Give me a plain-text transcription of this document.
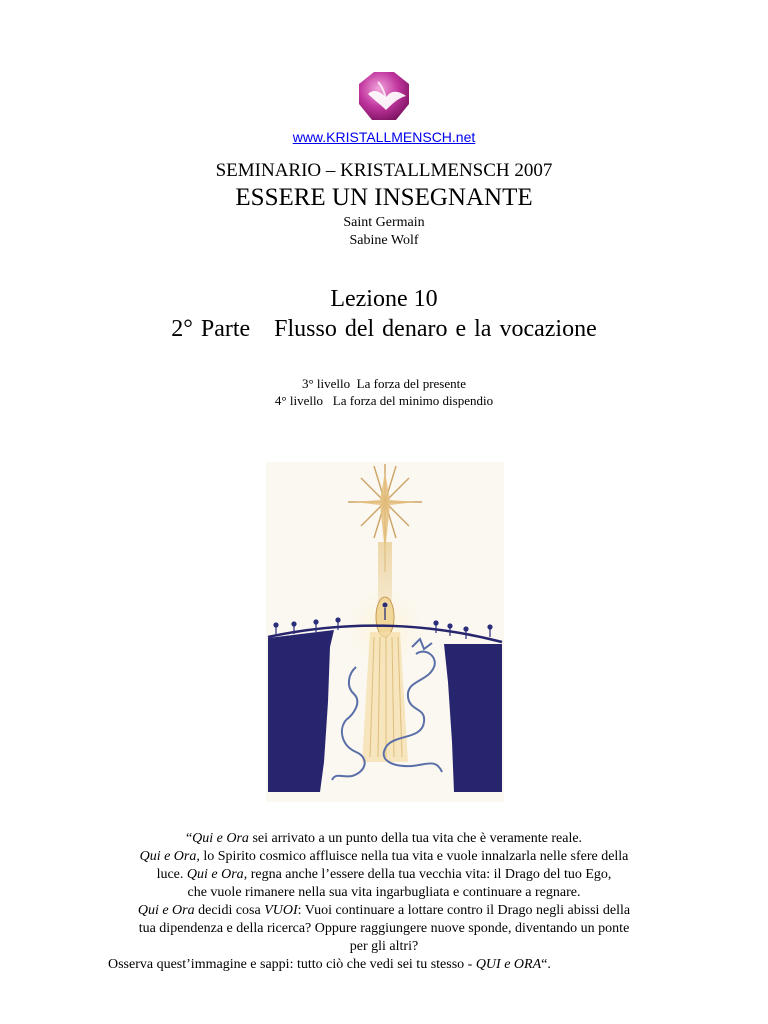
www.KRISTALLMENSCH.net
SEMINARIO – KRISTALLMENSCH 2007
ESSERE UN INSEGNANTE
Saint Germain
Sabine Wolf
Lezione 10
2° Parte   Flusso del denaro e la vocazione
3° livello  La forza del presente
4° livello   La forza del minimo dispendio
“Qui e Ora sei arrivato a un punto della tua vita che è veramente reale.
Qui e Ora, lo Spirito cosmico affluisce nella tua vita e vuole innalzarla nelle sfere della
luce. Qui e Ora, regna anche l’essere della tua vecchia vita: il Drago del tuo Ego,
che vuole rimanere nella sua vita ingarbugliata e continuare a regnare.
Qui e Ora decidi cosa VUOI: Vuoi continuare a lottare contro il Drago negli abissi della
tua dipendenza e della ricerca? Oppure raggiungere nuove sponde, diventando un ponte
per gli altri?
Osserva quest’immagine e sappi: tutto ciò che vedi sei tu stesso - QUI e ORA“.
